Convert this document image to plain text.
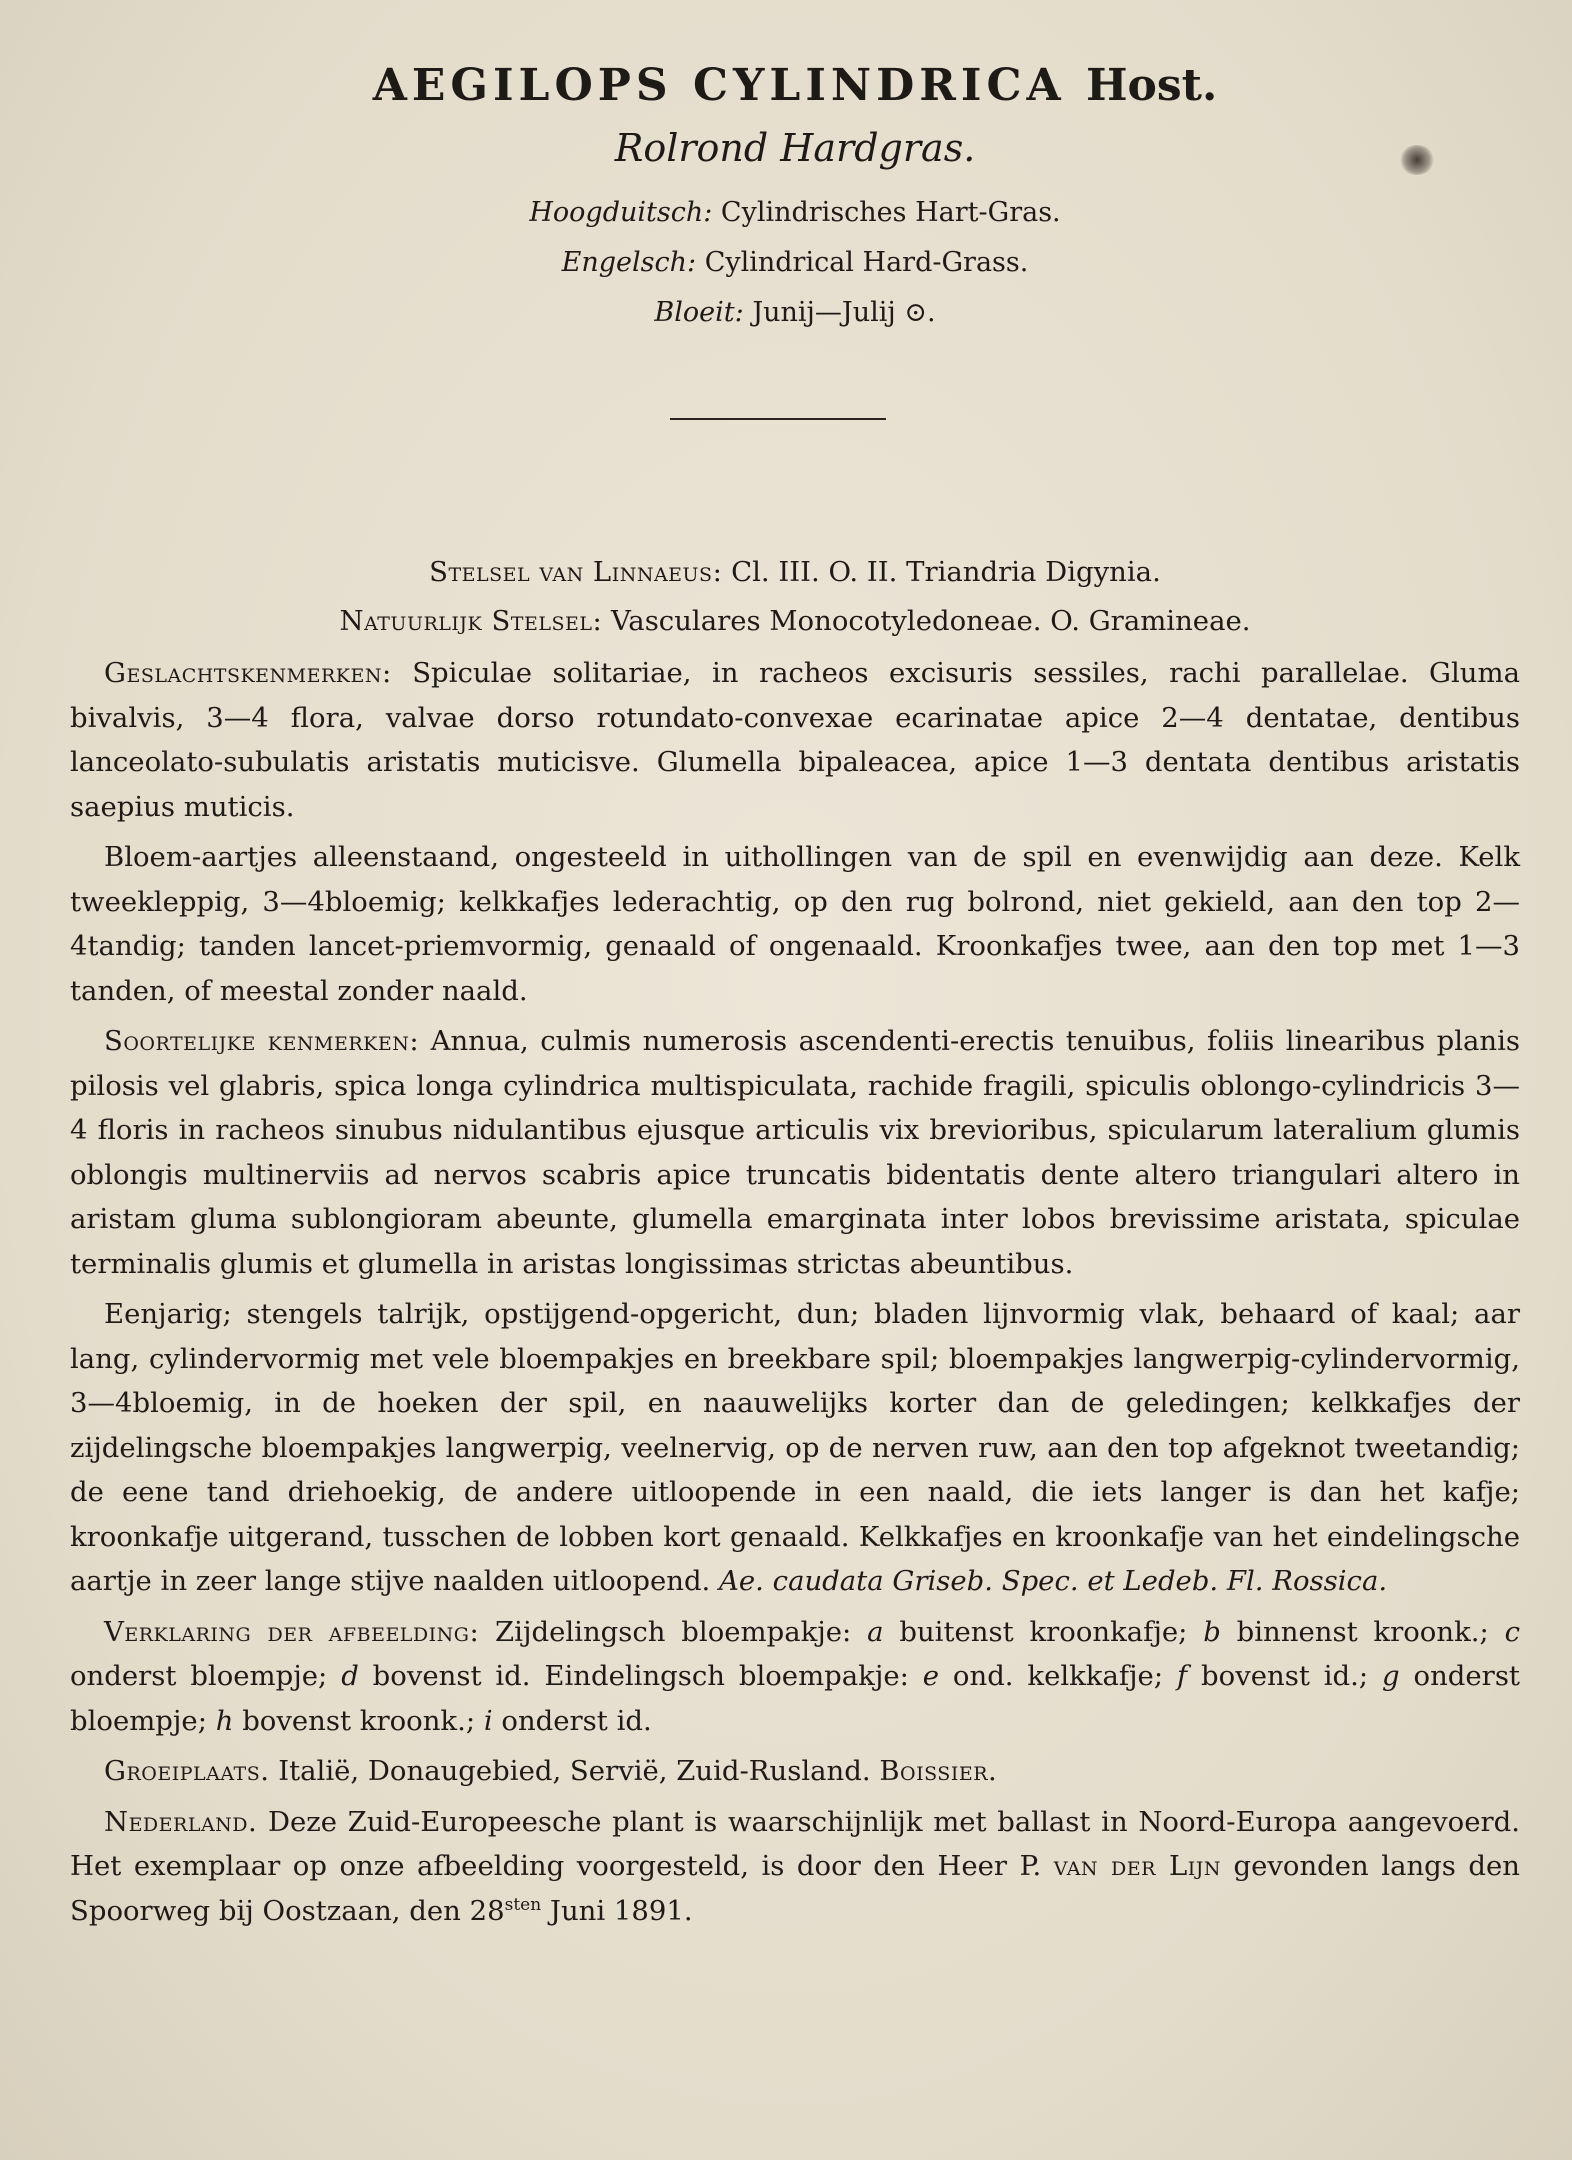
AEGILOPS CYLINDRICA Host.
Rolrond Hardgras.
Hoogduitsch: Cylindrisches Hart-Gras.
Engelsch: Cylindrical Hard-Grass.
Bloeit: Junij—Julij ⊙.

Stelsel van Linnaeus: Cl. III. O. II. Triandria Digynia.

Natuurlijk Stelsel: Vasculares Monocotyledoneae. O. Gramineae.

Geslachtskenmerken: Spiculae solitariae, in racheos excisuris sessiles, rachi parallelae. Gluma bivalvis, 3—4 flora, valvae dorso rotundato-convexae ecarinatae apice 2—4 dentatae, dentibus lanceolato-subulatis aristatis muticisve. Glumella bipaleacea, apice 1—3 dentata dentibus aristatis saepius muticis.

Bloem-aartjes alleenstaand, ongesteeld in uithollingen van de spil en evenwijdig aan deze. Kelk tweekleppig, 3—4bloemig; kelkkafjes lederachtig, op den rug bolrond, niet gekield, aan den top 2—4tandig; tanden lancet-priemvormig, genaald of ongenaald. Kroonkafjes twee, aan den top met 1—3 tanden, of meestal zonder naald.

Soortelijke kenmerken: Annua, culmis numerosis ascendenti-erectis tenuibus, foliis linearibus planis pilosis vel glabris, spica longa cylindrica multispiculata, rachide fragili, spiculis oblongo-cylindricis 3—4 floris in racheos sinubus nidulantibus ejusque articulis vix brevioribus, spicularum lateralium glumis oblongis multinerviis ad nervos scabris apice truncatis bidentatis dente altero triangulari altero in aristam gluma sublongioram abeunte, glumella emarginata inter lobos brevissime aristata, spiculae terminalis glumis et glumella in aristas longissimas strictas abeuntibus.

Eenjarig; stengels talrijk, opstijgend-opgericht, dun; bladen lijnvormig vlak, behaard of kaal; aar lang, cylindervormig met vele bloempakjes en breekbare spil; bloempakjes langwerpig-cylindervormig, 3—4bloemig, in de hoeken der spil, en naauwelijks korter dan de geledingen; kelkkafjes der zijdelingsche bloempakjes langwerpig, veelnervig, op de nerven ruw, aan den top afgeknot tweetandig; de eene tand driehoekig, de andere uitloopende in een naald, die iets langer is dan het kafje; kroonkafje uitgerand, tusschen de lobben kort genaald. Kelkkafjes en kroonkafje van het eindelingsche aartje in zeer lange stijve naalden uitloopend. Ae. caudata Griseb. Spec. et Ledeb. Fl. Rossica.

Verklaring der afbeelding: Zijdelingsch bloempakje: a buitenst kroonkafje; b binnenst kroonk.; c onderst bloempje; d bovenst id. Eindelingsch bloempakje: e ond. kelkkafje; f bovenst id.; g onderst bloempje; h bovenst kroonk.; i onderst id.

Groeiplaats. Italië, Donaugebied, Servië, Zuid-Rusland. Boissier.

Nederland. Deze Zuid-Europeesche plant is waarschijnlijk met ballast in Noord-Europa aangevoerd. Het exemplaar op onze afbeelding voorgesteld, is door den Heer P. van der Lijn gevonden langs den Spoorweg bij Oostzaan, den $28^{sten}$ Juni 1891.
